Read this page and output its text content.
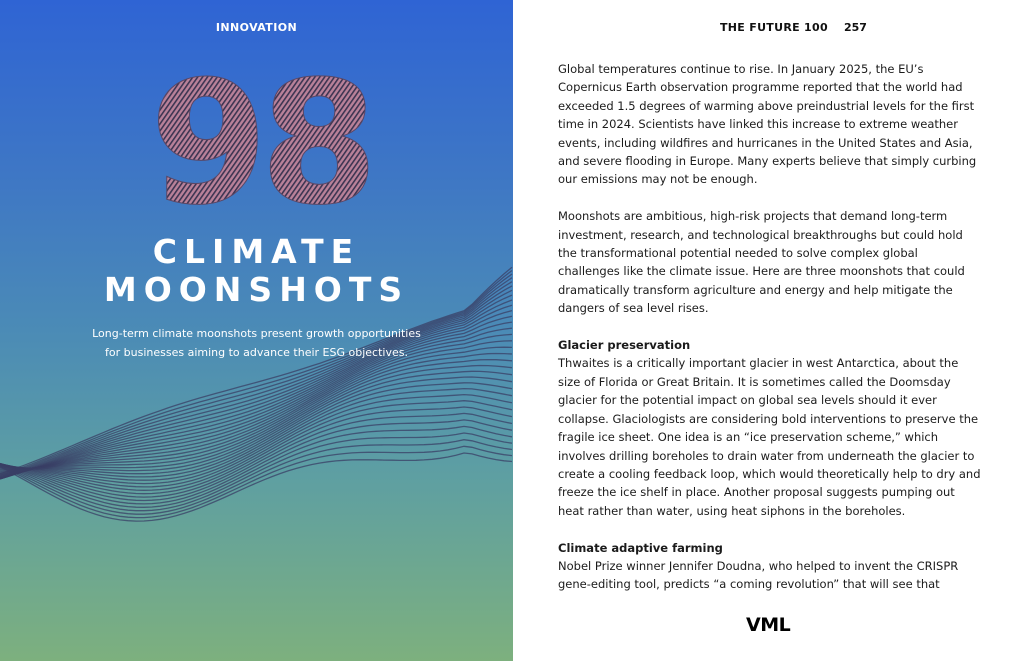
INNOVATION
98
CLIMATE
MOONSHOTS
Long-term climate moonshots present growth opportunities
for businesses aiming to advance their ESG objectives.
THE FUTURE 100 257

Global temperatures continue to rise. In January 2025, the EU’s Copernicus Earth observation programme reported that the world had exceeded 1.5 degrees of warming above preindustrial levels for the first time in 2024. Scientists have linked this increase to extreme weather events, including wildfires and hurricanes in the United States and Asia, and severe flooding in Europe. Many experts believe that simply curbing our emissions may not be enough.

Moonshots are ambitious, high-risk projects that demand long-term investment, research, and technological breakthroughs but could hold the transformational potential needed to solve complex global challenges like the climate issue. Here are three moonshots that could dramatically transform agriculture and energy and help mitigate the dangers of sea level rises.

Glacier preservation

Thwaites is a critically important glacier in west Antarctica, about the size of Florida or Great Britain. It is sometimes called the Doomsday glacier for the potential impact on global sea levels should it ever collapse. Glaciologists are considering bold interventions to preserve the fragile ice sheet. One idea is an “ice preservation scheme,” which involves drilling boreholes to drain water from underneath the glacier to create a cooling feedback loop, which would theoretically help to dry and freeze the ice shelf in place. Another proposal suggests pumping out heat rather than water, using heat siphons in the boreholes.

Climate adaptive farming

Nobel Prize winner Jennifer Doudna, who helped to invent the CRISPR gene-editing tool, predicts “a coming revolution” that will see that

VML
